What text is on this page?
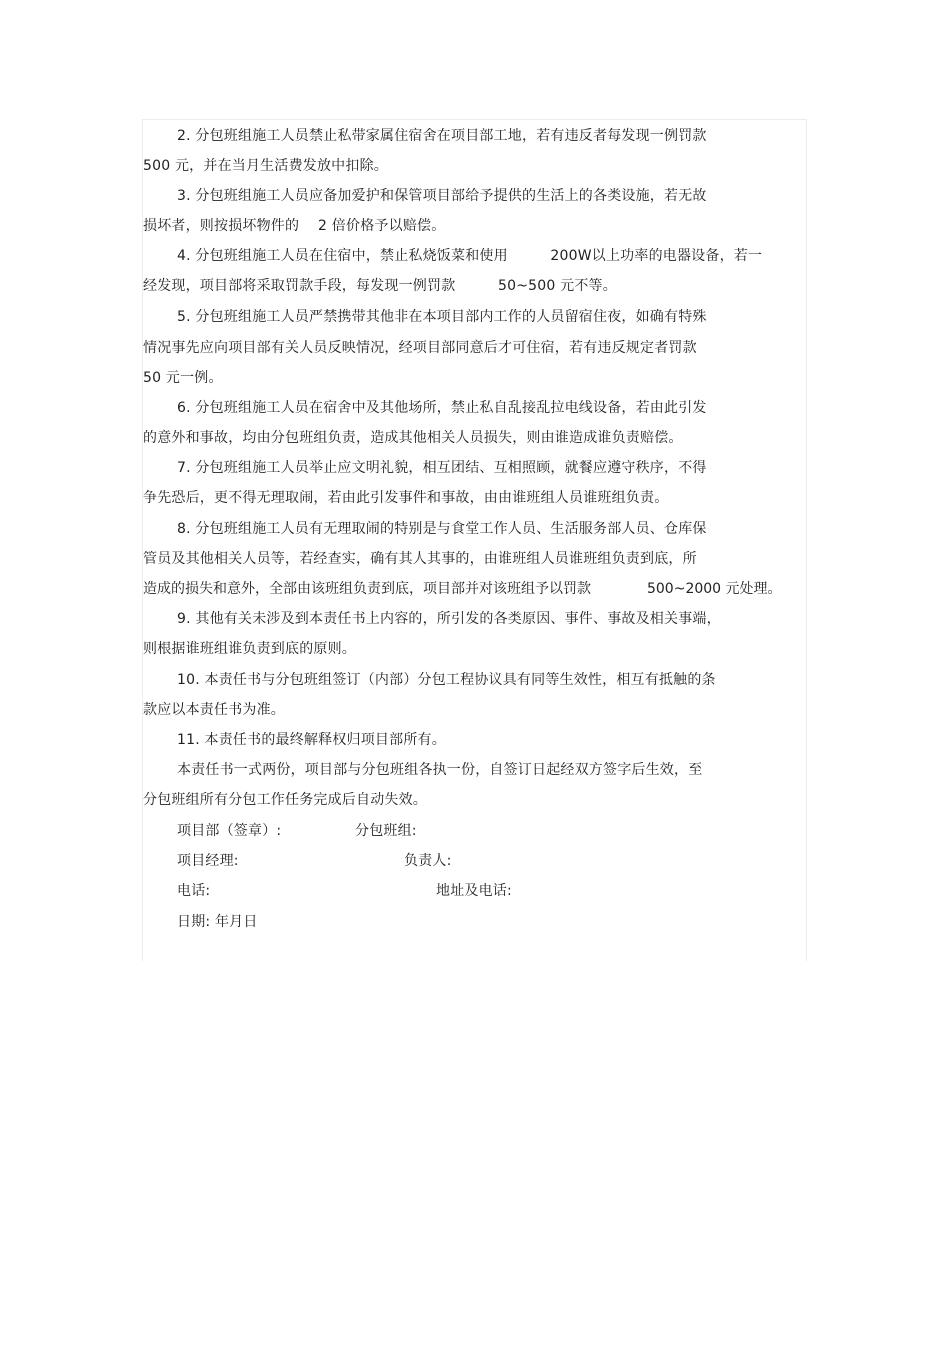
2. 分包班组施工人员禁止私带家属住宿舍在项目部工地，若有违反者每发现一例罚款
500 元，并在当月生活费发放中扣除。
3. 分包班组施工人员应备加爱护和保管项目部给予提供的生活上的各类设施，若无故
损坏者，则按损坏物件的　 2 倍价格予以赔偿。
4. 分包班组施工人员在住宿中，禁止私烧饭菜和使用　　　200W以上功率的电器设备，若一
经发现，项目部将采取罚款手段，每发现一例罚款　　　50~500 元不等。
5. 分包班组施工人员严禁携带其他非在本项目部内工作的人员留宿住夜，如确有特殊
情况事先应向项目部有关人员反映情况，经项目部同意后才可住宿，若有违反规定者罚款
50 元一例。
6. 分包班组施工人员在宿舍中及其他场所，禁止私自乱接乱拉电线设备，若由此引发
的意外和事故，均由分包班组负责，造成其他相关人员损失，则由谁造成谁负责赔偿。
7. 分包班组施工人员举止应文明礼貌，相互团结、互相照顾，就餐应遵守秩序，不得
争先恐后，更不得无理取闹，若由此引发事件和事故，由由谁班组人员谁班组负责。
8. 分包班组施工人员有无理取闹的特别是与食堂工作人员、生活服务部人员、仓库保
管员及其他相关人员等，若经查实，确有其人其事的，由谁班组人员谁班组负责到底，所
造成的损失和意外，全部由该班组负责到底，项目部并对该班组予以罚款　　　　500~2000 元处理。
9. 其他有关未涉及到本责任书上内容的，所引发的各类原因、事件、事故及相关事端，
则根据谁班组谁负责到底的原则。
10. 本责任书与分包班组签订（内部）分包工程协议具有同等生效性，相互有抵触的条
款应以本责任书为准。
11. 本责任书的最终解释权归项目部所有。
本责任书一式两份，项目部与分包班组各执一份，自签订日起经双方签字后生效，至
分包班组所有分包工作任务完成后自动失效。
项目部（签章）:	分包班组:
项目经理:	负责人:
电话:	地址及电话:
日期: 年月日
